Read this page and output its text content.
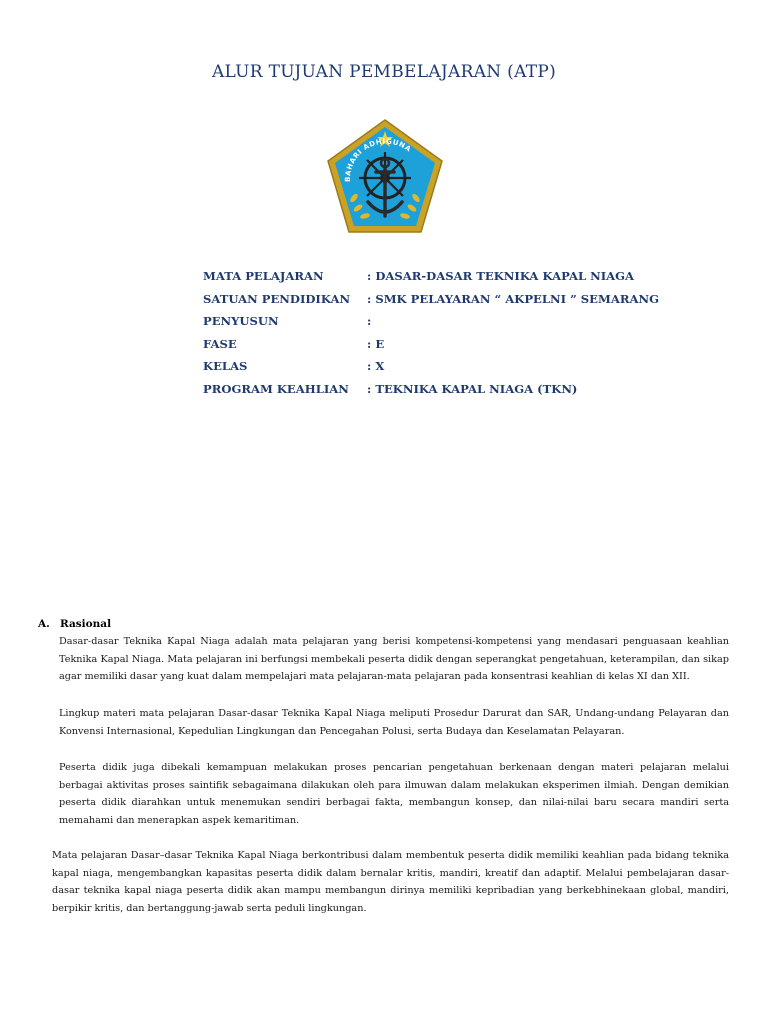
ALUR TUJUAN PEMBELAJARAN (ATP)
BAHARI ADHIGUNA
MATA PELAJARAN	: DASAR-DASAR TEKNIKA KAPAL NIAGA
SATUAN PENDIDIKAN	: SMK PELAYARAN “ AKPELNI ” SEMARANG
PENYUSUN	:
FASE	: E
KELAS	: X
PROGRAM KEAHLIAN	: TEKNIKA KAPAL NIAGA (TKN)
A. Rasional
Dasar-dasar Teknika Kapal Niaga adalah mata pelajaran yang berisi kompetensi-kompetensi yang mendasari penguasaan keahlian Teknika Kapal Niaga. Mata pelajaran ini berfungsi membekali peserta didik dengan seperangkat pengetahuan, keterampilan, dan sikap agar memiliki dasar yang kuat dalam mempelajari mata pelajaran-mata pelajaran pada konsentrasi keahlian di kelas XI dan XII.
Lingkup materi mata pelajaran Dasar-dasar Teknika Kapal Niaga meliputi Prosedur Darurat dan SAR, Undang-undang Pelayaran dan Konvensi Internasional, Kepedulian Lingkungan dan Pencegahan Polusi, serta Budaya dan Keselamatan Pelayaran.
Peserta didik juga dibekali kemampuan melakukan proses pencarian pengetahuan berkenaan dengan materi pelajaran melalui berbagai aktivitas proses saintifik sebagaimana dilakukan oleh para ilmuwan dalam melakukan eksperimen ilmiah. Dengan demikian peserta didik diarahkan untuk menemukan sendiri berbagai fakta, membangun konsep, dan nilai-nilai baru secara mandiri serta memahami dan menerapkan aspek kemaritiman.
Mata pelajaran Dasar–dasar Teknika Kapal Niaga berkontribusi dalam membentuk peserta didik memiliki keahlian pada bidang teknika kapal niaga, mengembangkan kapasitas peserta didik dalam bernalar kritis, mandiri, kreatif dan adaptif. Melalui pembelajaran dasar-dasar teknika kapal niaga peserta didik akan mampu membangun dirinya memiliki kepribadian yang berkebhinekaan global, mandiri, berpikir kritis, dan bertanggung-jawab serta peduli lingkungan.
